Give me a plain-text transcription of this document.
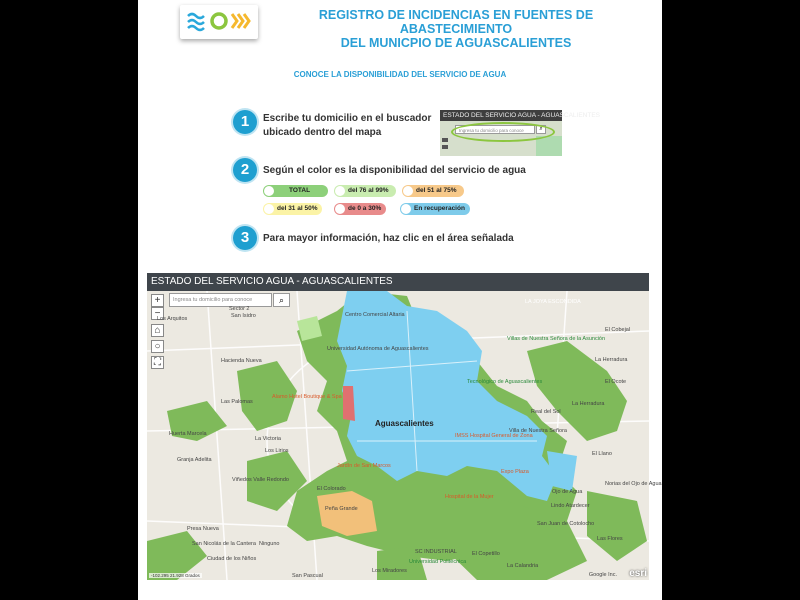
REGISTRO DE INCIDENCIAS EN FUENTES DE ABASTECIMIENTO
DEL MUNICPIO DE AGUASCALIENTES
CONOCE LA DISPONIBILIDAD DEL SERVICIO DE AGUA
1	Escribe tu domicilio en el buscador
ubicado dentro del mapa
ESTADO DEL SERVICIO AGUA - AGUASCALIENTES
Ingresa tu domicilio para conoce	⌕
2	Según el color es la disponibilidad del servicio de agua
TOTAL	del 76 al 99%	del 51 al 75%
del 31 al 50%	de 0 a 30%	En recuperación
3	Para mayor información, haz clic en el área señalada
ESTADO DEL SERVICIO AGUA - AGUASCALIENTES
+
−
⌂
○
⛶
Ingresa tu domicilio para conoce	⌕
Aguascalientes
LA JOYA ESCONDIDA
El Cobejal
La Herradura
Sector 2
San Isidro	Centro Comercial Altaria
Universidad Autónoma de Aguascalientes
Villas de Nuestra Señora de la Asunción
Hacienda Nueva
Los Arquitos
Las Palomas
Alamo Hotel Boutique & Spa
Jardín de San Marcos
La Victoria
Huerta Marcela
Granja Adelita
Los Lirios
Viñedos Valle Redondo
El Colorado
Peña Grande
Tecnológico de Aguascalientes
Real del Sol
Villa de Nuestra Señora
IMSS Hospital General de Zona
La Herradura
El Ocote
Expo Plaza
Hospital de la Mujer
Ojo de Agua
Lindo Atardecer
Norias del Ojo de Agua
Presa Nueva
San Nicolás de la Cantera
Ciudad de los Niños
Ninguno
San Pascual
Los Miradores
El Copetillo
La Calandria
SC INDUSTRIAL
Universidad Politécnica
Las Flores
El Llano
San Juan de Cotolocho
-102.295 21.928 Grados	Google Inc. esri
